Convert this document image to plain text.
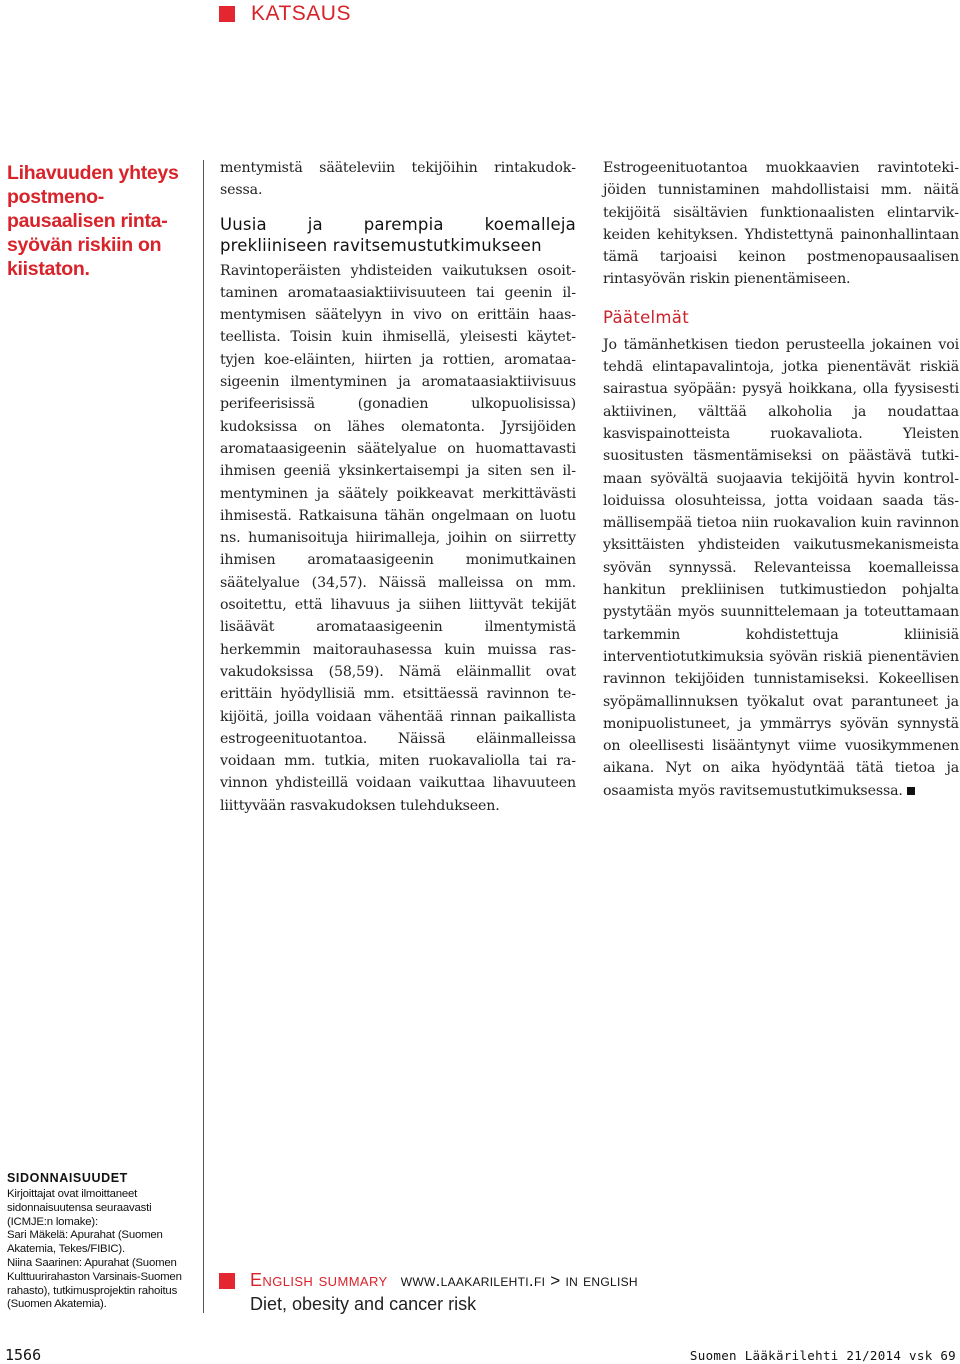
KATSAUS
Lihavuuden yhteys postmenopausaalisen rintasyövän riskiin on kiistaton.

mentymistä sääteleviin tekijöihin rintakudoksessa.

Uusia ja parempia koemalleja prekliiniseen ravitsemustutkimukseen

Ravintoperäisten yhdisteiden vaikutuksen osoittaminen aromataasiaktiivisuuteen tai geenin ilmentymisen säätelyyn in vivo on erittäin haasteellista. Toisin kuin ihmisellä, yleisesti käytettyjen koe-eläinten, hiirten ja rottien, aromataasigeenin ilmentyminen ja aromataasiaktiivisuus perifeerisissä (gonadien ulkopuolisissa) kudoksissa on lähes olematonta. Jyrsijöiden aromataasigeenin säätelyalue on huomattavasti ihmisen geeniä yksinkertaisempi ja siten sen ilmentyminen ja säätely poikkeavat merkittävästi ihmisestä. Ratkaisuna tähän ongelmaan on luotu ns. humanisoituja hiirimalleja, joihin on siirretty ihmisen aromataasigeenin monimutkainen säätelyalue (34,57). Näissä malleissa on mm. osoitettu, että lihavuus ja siihen liittyvät tekijät lisäävät aromataasigeenin ilmentymistä herkemmin maitorauhasessa kuin muissa rasvakudoksissa (58,59). Nämä eläinmallit ovat erittäin hyödyllisiä mm. etsittäessä ravinnon tekijöitä, joilla voidaan vähentää rinnan paikallista estrogeenituotantoa. Näissä eläinmalleissa voidaan mm. tutkia, miten ruokavaliolla tai ravinnon yhdisteillä voidaan vaikuttaa lihavuuteen liittyvään rasvakudoksen tulehdukseen.

Estrogeenituotantoa muokkaavien ravintotekijöiden tunnistaminen mahdollistaisi mm. näitä tekijöitä sisältävien funktionaalisten elintarvikkeiden kehityksen. Yhdistettynä painonhallintaan tämä tarjoaisi keinon postmenopausaalisen rintasyövän riskin pienentämiseen.

Päätelmät

Jo tämänhetkisen tiedon perusteella jokainen voi tehdä elintapavalintoja, jotka pienentävät riskiä sairastua syöpään: pysyä hoikkana, olla fyysisesti aktiivinen, välttää alkoholia ja noudattaa kasvispainotteista ruokavaliota. Yleisten suositusten täsmentämiseksi on päästävä tutkimaan syövältä suojaavia tekijöitä hyvin kontrolloiduissa olosuhteissa, jotta voidaan saada täsmällisempää tietoa niin ruokavalion kuin ravinnon yksittäisten yhdisteiden vaikutusmekanismeista syövän synnyssä. Relevanteissa koemalleissa hankitun prekliinisen tutkimustiedon pohjalta pystytään myös suunnittelemaan ja toteuttamaan tarkemmin kohdistettuja kliinisiä interventiotutkimuksia syövän riskiä pienentävien ravinnon tekijöiden tunnistamiseksi. Kokeellisen syöpämallinnuksen työkalut ovat parantuneet ja monipuolistuneet, ja ymmärrys syövän synnystä on oleellisesti lisääntynyt viime vuosikymmenen aikana. Nyt on aika hyödyntää tätä tietoa ja osaamista myös ravitsemustutkimuksessa.

SIDONNAISUUDET
Kirjoittajat ovat ilmoittaneet sidonnaisuutensa seuraavasti (ICMJE:n lomake):
Sari Mäkelä: Apurahat (Suomen Akatemia, Tekes/FIBIC).
Niina Saarinen: Apurahat (Suomen Kulttuurirahaston Varsinais-Suomen rahasto), tutkimusprojektin rahoitus (Suomen Akatemia).
English summary www.laakarilehti.fi > in english
Diet, obesity and cancer risk
1566	Suomen Lääkärilehti 21/2014 vsk 69
